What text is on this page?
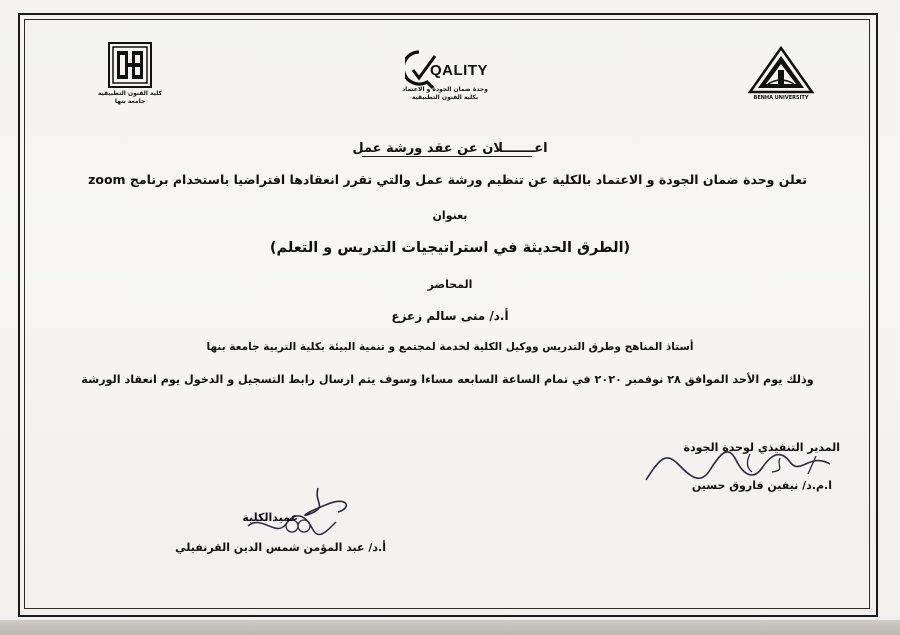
كلية الفنون التطبيقية
جامعة بنها
QALITY
وحدة ضمان الجودة و الاعتماد
بكلية الفنون التطبيقية	BENHA UNIVERSITY
اعـــــــلان عن عقد ورشة عمل
تعلن وحدة ضمان الجودة و الاعتماد بالكلية عن تنظيم ورشة عمل والتي تقرر انعقادها افتراضيا باستخدام برنامج zoom
بعنوان
(الطرق الحديثة في استراتيجيات التدريس و التعلم)
المحاضر
أ.د/ منى سالم زعزع
أستاذ المناهج وطرق التدريس ووكيل الكلية لخدمة لمجتمع و تنمية البيئة بكلية التربية جامعة بنها
وذلك يوم الأحد الموافق ٢٨ نوفمبر ٢٠٢٠ في تمام الساعة السابعه مساءا وسوف يتم ارسال رابط التسجيل و الدخول يوم انعقاد الورشة
المدير التنفيذي لوحدة الجودة
ا.م.د/ نيفين فاروق حسين
عميدالكلية
أ.د/ عبد المؤمن شمس الدين القرنفيلي
